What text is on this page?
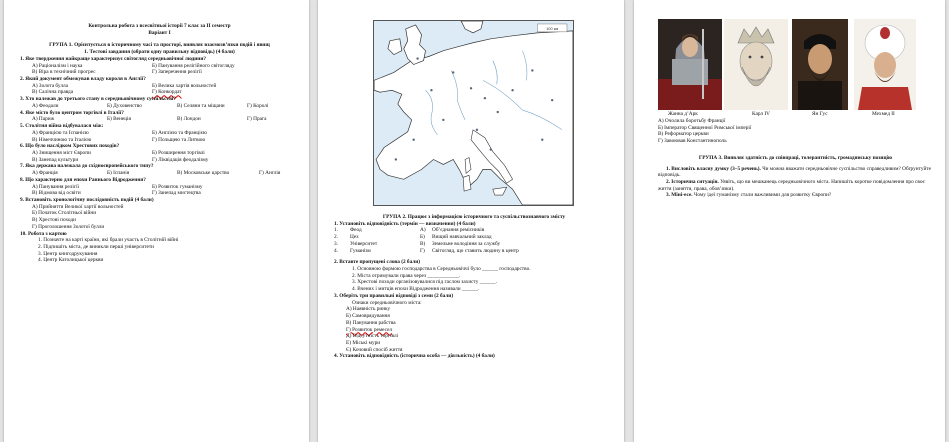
Контрольна робота з всесвітньої історії 7 клас за ІІ семестр
Варіант І
ГРУПА 1. Орієнтується в історичному часі та просторі, виявляє взаємозв’язки подій і явищ
1. Тестові завдання (обрати одну правильну відповідь) (4 бали)
1. Яке твердження найкраще характеризує світогляд середньовічної людини?
А) Раціоналізм і наука	Б) Панування релігійного світогляду
В) Віра в технічний прогрес	Г) Заперечення релігії
2. Який документ обмежував владу короля в Англії?
А) Золота булла	Б) Велика хартія вольностей
В) Салічна правда	Г) Конкордат
3. Хто належав до третього стану в середньовічному суспільстві?
А) Феодали	Б) Духовенство	В) Селяни та міщани	Г) Королі
4. Яке місто було центром торгівлі в Італії?
А) Париж	Б) Венеція	В) Лондон	Г) Прага
5. Столітня війна відбувалася між:
А) Францією та Іспанією	Б) Англією та Францією
В) Німеччиною та Італією	Г) Польщею та Литвою
6. Що було наслідком Хрестових походів?
А) Знищення міст Європи	Б) Розширення торгівлі
В) Занепад культури	Г) Ліквідація феодалізму
7. Яка держава належала до східноєвропейського типу?
А) Франція	Б) Іспанія	В) Московське царство	Г) Англія
8. Що характерно для епохи Раннього Відродження?
А) Панування релігії	Б) Розвиток гуманізму
В) Відмова від освіти	Г) Занепад мистецтва
9. Встановіть хронологічну послідовність подій (4 бали)
А) Прийняття Великої хартії вольностей
Б) Початок Столітньої війни
В) Хрестові походи
Г) Проголошення Золотої булли
10. Робота з картою
1. Позначте на карті країни, які брали участь в Столітній війні
2. Підпишіть міста, де виникли перші університети
3. Центр книгодрукування
4. Центр Католицької церкви
100 км
ГРУПА 2. Працює з інформацією історичного та суспільствознавчого змісту
1. Установіть відповідність (термін — визначення) (4 бали)
1.	Феод	А)	Об’єднання ремісників
2.	Цех	Б)	Вищий навчальний заклад
3.	Університет	В)	Земельне володіння за службу
4.	Гуманізм	Г)	Світогляд, що ставить людину в центр
2. Вставте пропущені слова (2 бали)
1. Основною формою господарства в Середньовіччі було ______ господарство.
2. Міста отримували права через ____________.
3. Хрестові походи організовувалися під гаслом захисту ______.
4. Вчених і митців епохи Відродження називали ______.
3. Оберіть три правильні відповіді з семи (2 бали)
Ознаки середньовічного міста:
А) Наявність ринку
Б) Самоврядування
В) Панування рабства
Г) Розвиток ремесел
Д) Відсутність торгівлі
Е) Міські мури
Є) Кочовий спосіб життя
4. Установіть відповідність (історична особа — діяльність) (4 бали)
Жанна д’Арк	Карл IV	Ян Гус	Мехмед II
А) Очолила боротьбу Франції
Б) Імператор Священної Римської імперії
В) Реформатор церкви
Г) Завоював Константинополь
ГРУПА 3. Виявляє здатність до співпраці, толерантність, громадянську позицію
1. Висловіть власну думку (3–5 речень). Чи можна вважати середньовічне суспільство справедливим? Обґрунтуйте відповідь.
2. Історична ситуація. Уявіть, що ви мешканець середньовічного міста. Напишіть коротке повідомлення про своє життя (заняття, права, обов’язки).
3. Міні-есе. Чому ідеї гуманізму стали важливими для розвитку Європи?
